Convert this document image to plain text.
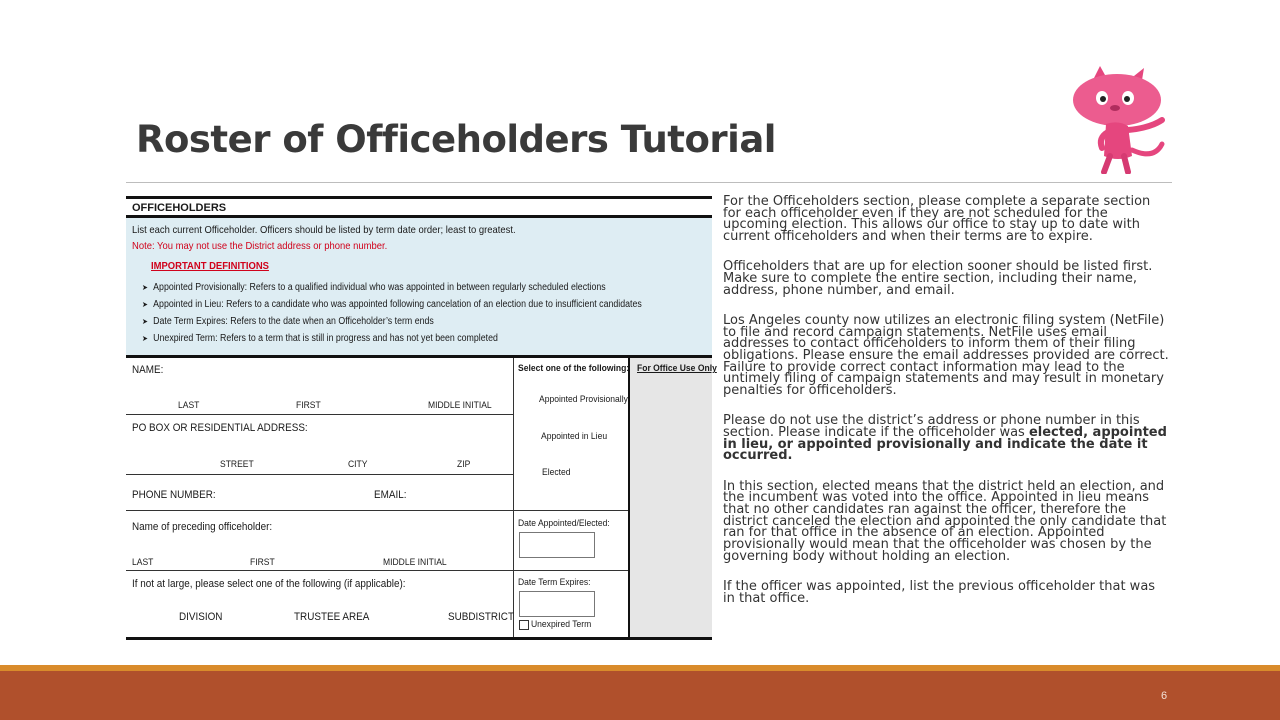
Roster of Officeholders Tutorial
OFFICEHOLDERS
List each current Officeholder. Officers should be listed by term date order; least to greatest.
Note: You may not use the District address or phone number.
IMPORTANT DEFINITIONS
➤ Appointed Provisionally: Refers to a qualified individual who was appointed in between regularly scheduled elections
➤ Appointed in Lieu: Refers to a candidate who was appointed following cancelation of an election due to insufficient candidates
➤ Date Term Expires: Refers to the date when an Officeholder’s term ends
➤ Unexpired Term: Refers to a term that is still in progress and has not yet been completed
NAME:
LAST	FIRST	MIDDLE INITIAL
PO BOX OR RESIDENTIAL ADDRESS:
STREET	CITY	ZIP
PHONE NUMBER:	EMAIL:
Name of preceding officeholder:
LAST	FIRST	MIDDLE INITIAL
If not at large, please select one of the following (if applicable):
DIVISION	TRUSTEE AREA	SUBDISTRICT
Select one of the following:
Appointed Provisionally
Appointed in Lieu
Elected
Date Appointed/Elected:
Date Term Expires:
Unexpired Term
For Office Use Only

For the Officeholders section, please complete a separate section for each officeholder even if they are not scheduled for the upcoming election. This allows our office to stay up to date with current officeholders and when their terms are to expire.

Officeholders that are up for election sooner should be listed first. Make sure to complete the entire section, including their name, address, phone number, and email.

Los Angeles county now utilizes an electronic filing system (NetFile) to file and record campaign statements. NetFile uses email addresses to contact officeholders to inform them of their filing obligations. Please ensure the email addresses provided are correct. Failure to provide correct contact information may lead to the untimely filing of campaign statements and may result in monetary penalties for officeholders.

Please do not use the district’s address or phone number in this section. Please indicate if the officeholder was elected, appointed in lieu, or appointed provisionally and indicate the date it occurred.

In this section, elected means that the district held an election, and the incumbent was voted into the office. Appointed in lieu means that no other candidates ran against the officer, therefore the district canceled the election and appointed the only candidate that ran for that office in the absence of an election. Appointed provisionally would mean that the officeholder was chosen by the governing body without holding an election.

If the officer was appointed, list the previous officeholder that was in that office.

6
